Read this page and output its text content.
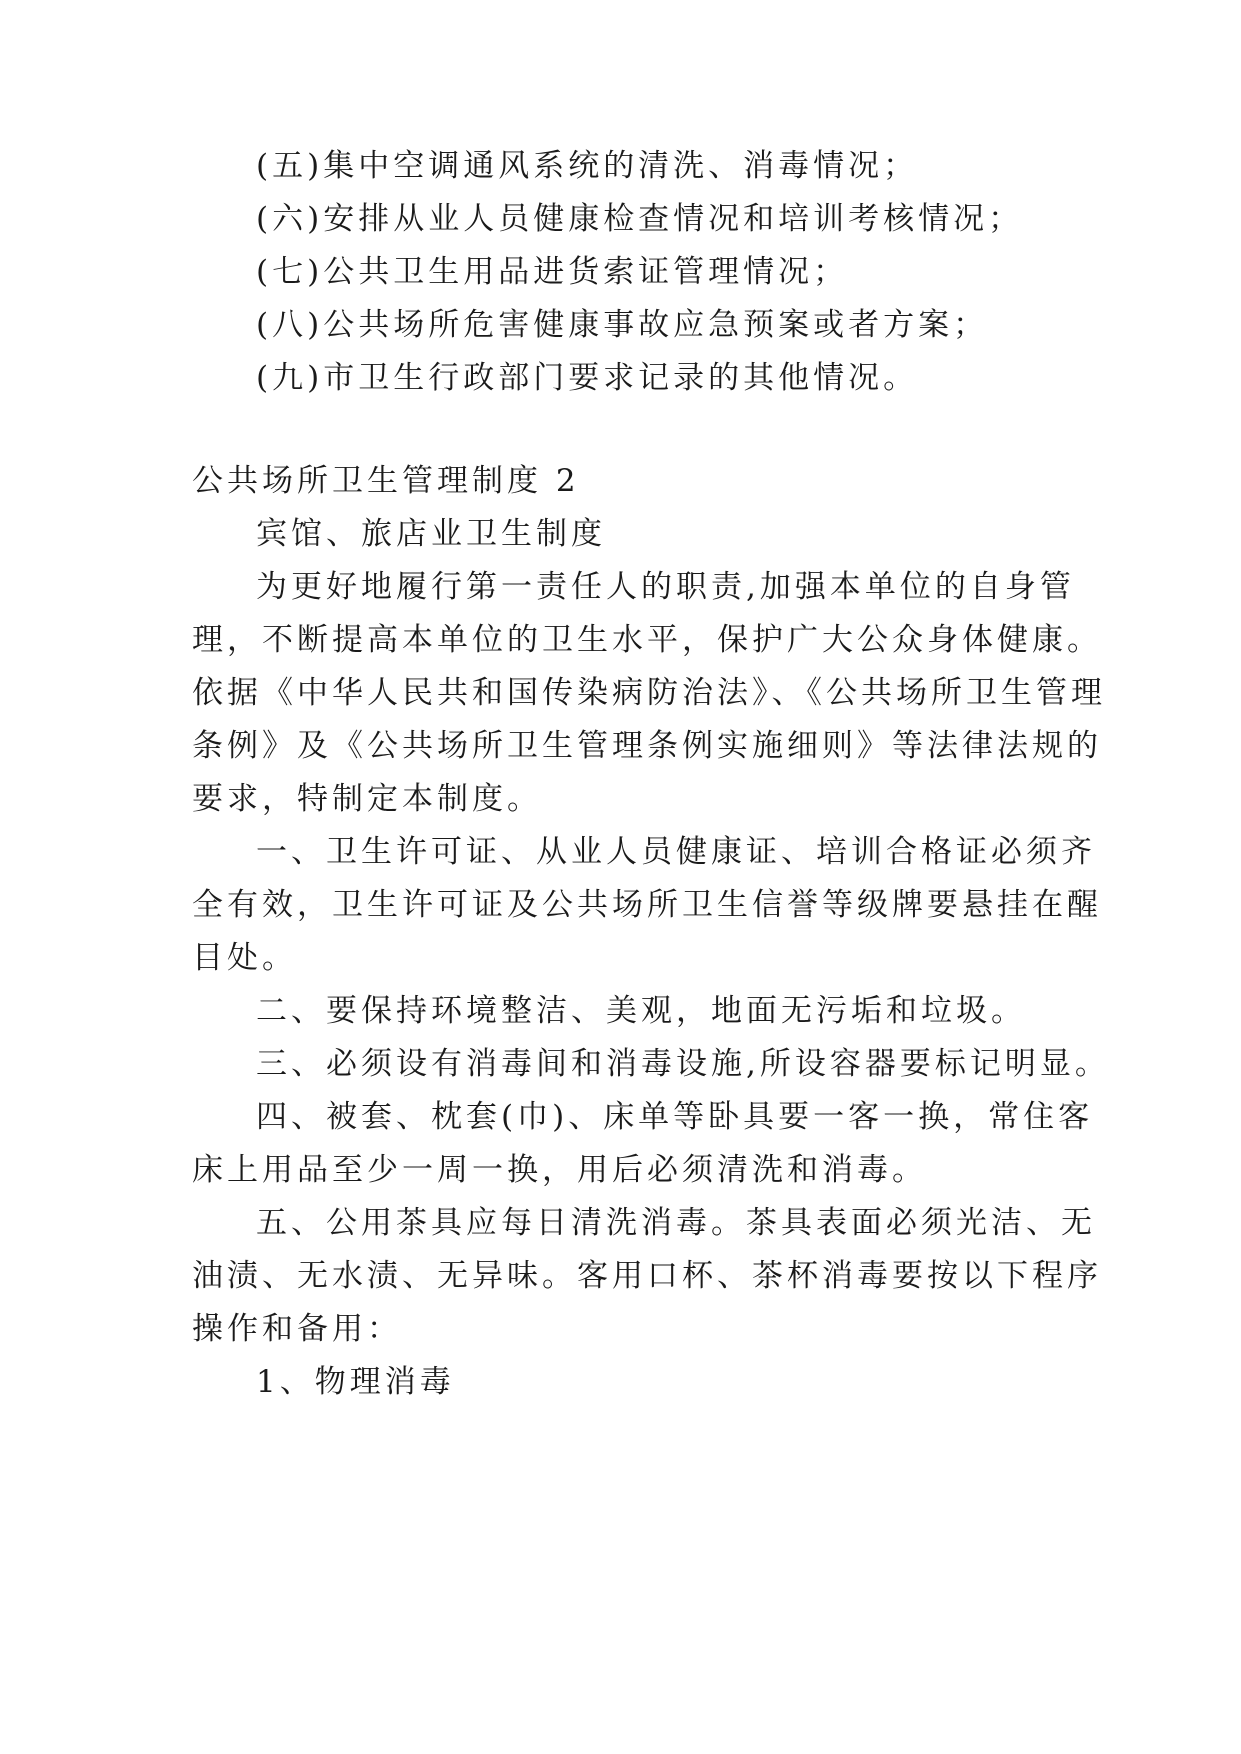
(五)集中空调通风系统的清洗、消毒情况；
(六)安排从业人员健康检查情况和培训考核情况；
(七)公共卫生用品进货索证管理情况；
(八)公共场所危害健康事故应急预案或者方案；
(九)市卫生行政部门要求记录的其他情况。
公共场所卫生管理制度 2
宾馆、旅店业卫生制度
为更好地履行第一责任人的职责,加强本单位的自身管
理，不断提高本单位的卫生水平，保护广大公众身体健康。
依据《中华人民共和国传染病防治法》、《公共场所卫生管理
条例》及《公共场所卫生管理条例实施细则》等法律法规的
要求，特制定本制度。
一、卫生许可证、从业人员健康证、培训合格证必须齐
全有效，卫生许可证及公共场所卫生信誉等级牌要悬挂在醒
目处。
二、要保持环境整洁、美观，地面无污垢和垃圾。
三、必须设有消毒间和消毒设施,所设容器要标记明显。
四、被套、枕套(巾)、床单等卧具要一客一换，常住客
床上用品至少一周一换，用后必须清洗和消毒。
五、公用茶具应每日清洗消毒。茶具表面必须光洁、无
油渍、无水渍、无异味。客用口杯、茶杯消毒要按以下程序
操作和备用：
1、物理消毒
